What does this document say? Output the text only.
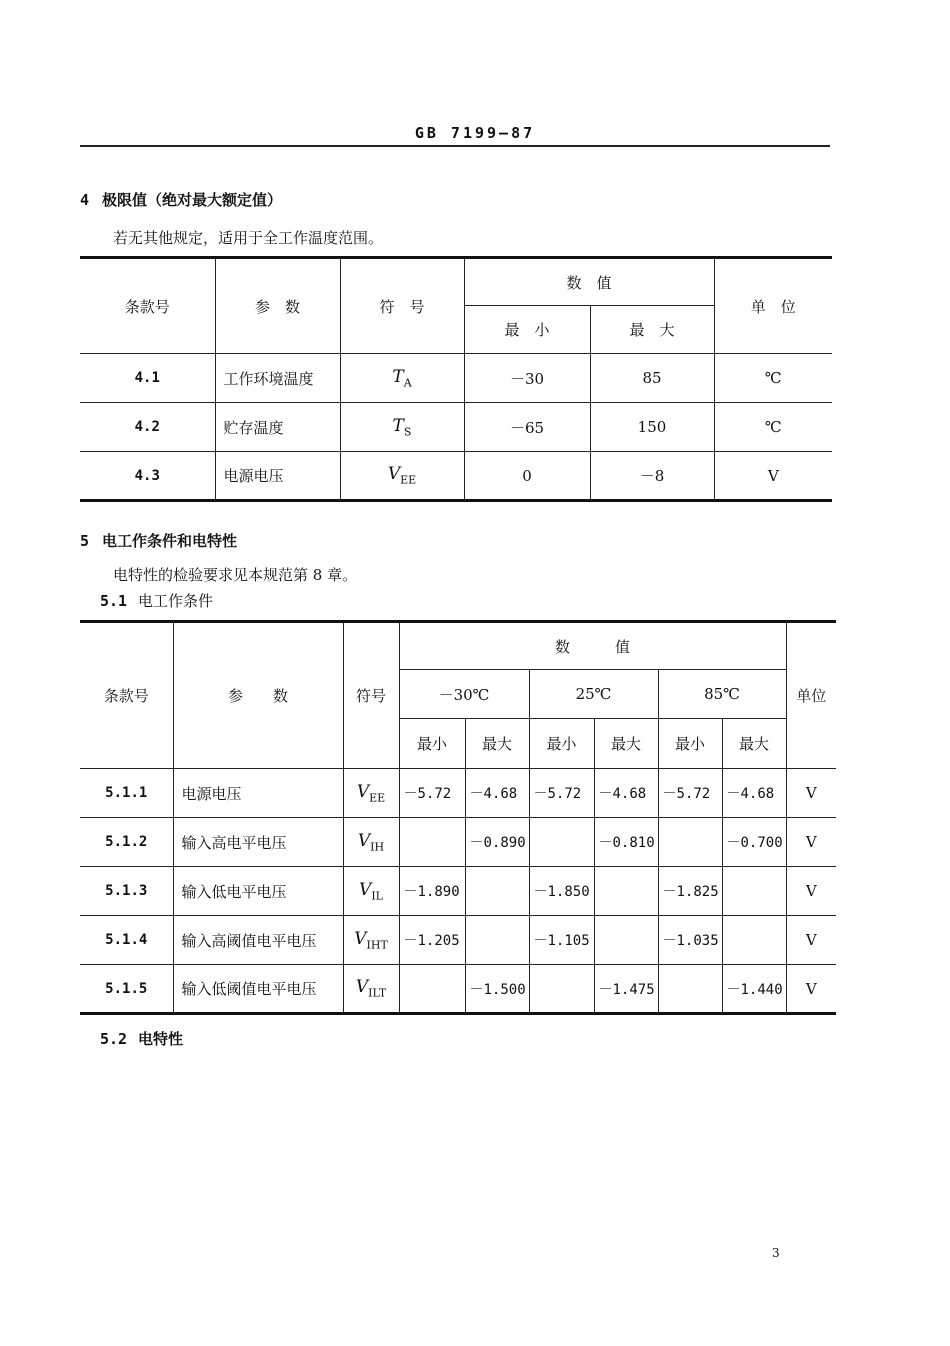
GB 7199—87
4 极限值（绝对最大额定值）
若无其他规定，适用于全工作温度范围。
条款号	参　数	符　号	数　值		单　位
			最　小	最　大	
4.1	工作环境温度	$T_A$	－30	85	℃
4.2	贮存温度	$T_S$	－65	150	℃
4.3	电源电压	$V_{EE}$	0	－8	V
5 电工作条件和电特性
电特性的检验要求见本规范第 8 章。
5.1 电工作条件
条款号	参　　数	符号	数　　　值						单位
			－30℃		25℃		85℃		
			最小	最大	最小	最大	最小	最大	
5.1.1	电源电压	$V_{EE}$	－5.72	－4.68	－5.72	－4.68	－5.72	－4.68	V
5.1.2	输入高电平电压	$V_{IH}$		－0.890		－0.810		－0.700	V
5.1.3	输入低电平电压	$V_{IL}$	－1.890		－1.850		－1.825		V
5.1.4	输入高阈值电平电压	$V_{IHT}$	－1.205		－1.105		－1.035		V
5.1.5	输入低阈值电平电压	$V_{ILT}$		－1.500		－1.475		－1.440	V
5.2 电特性
3
